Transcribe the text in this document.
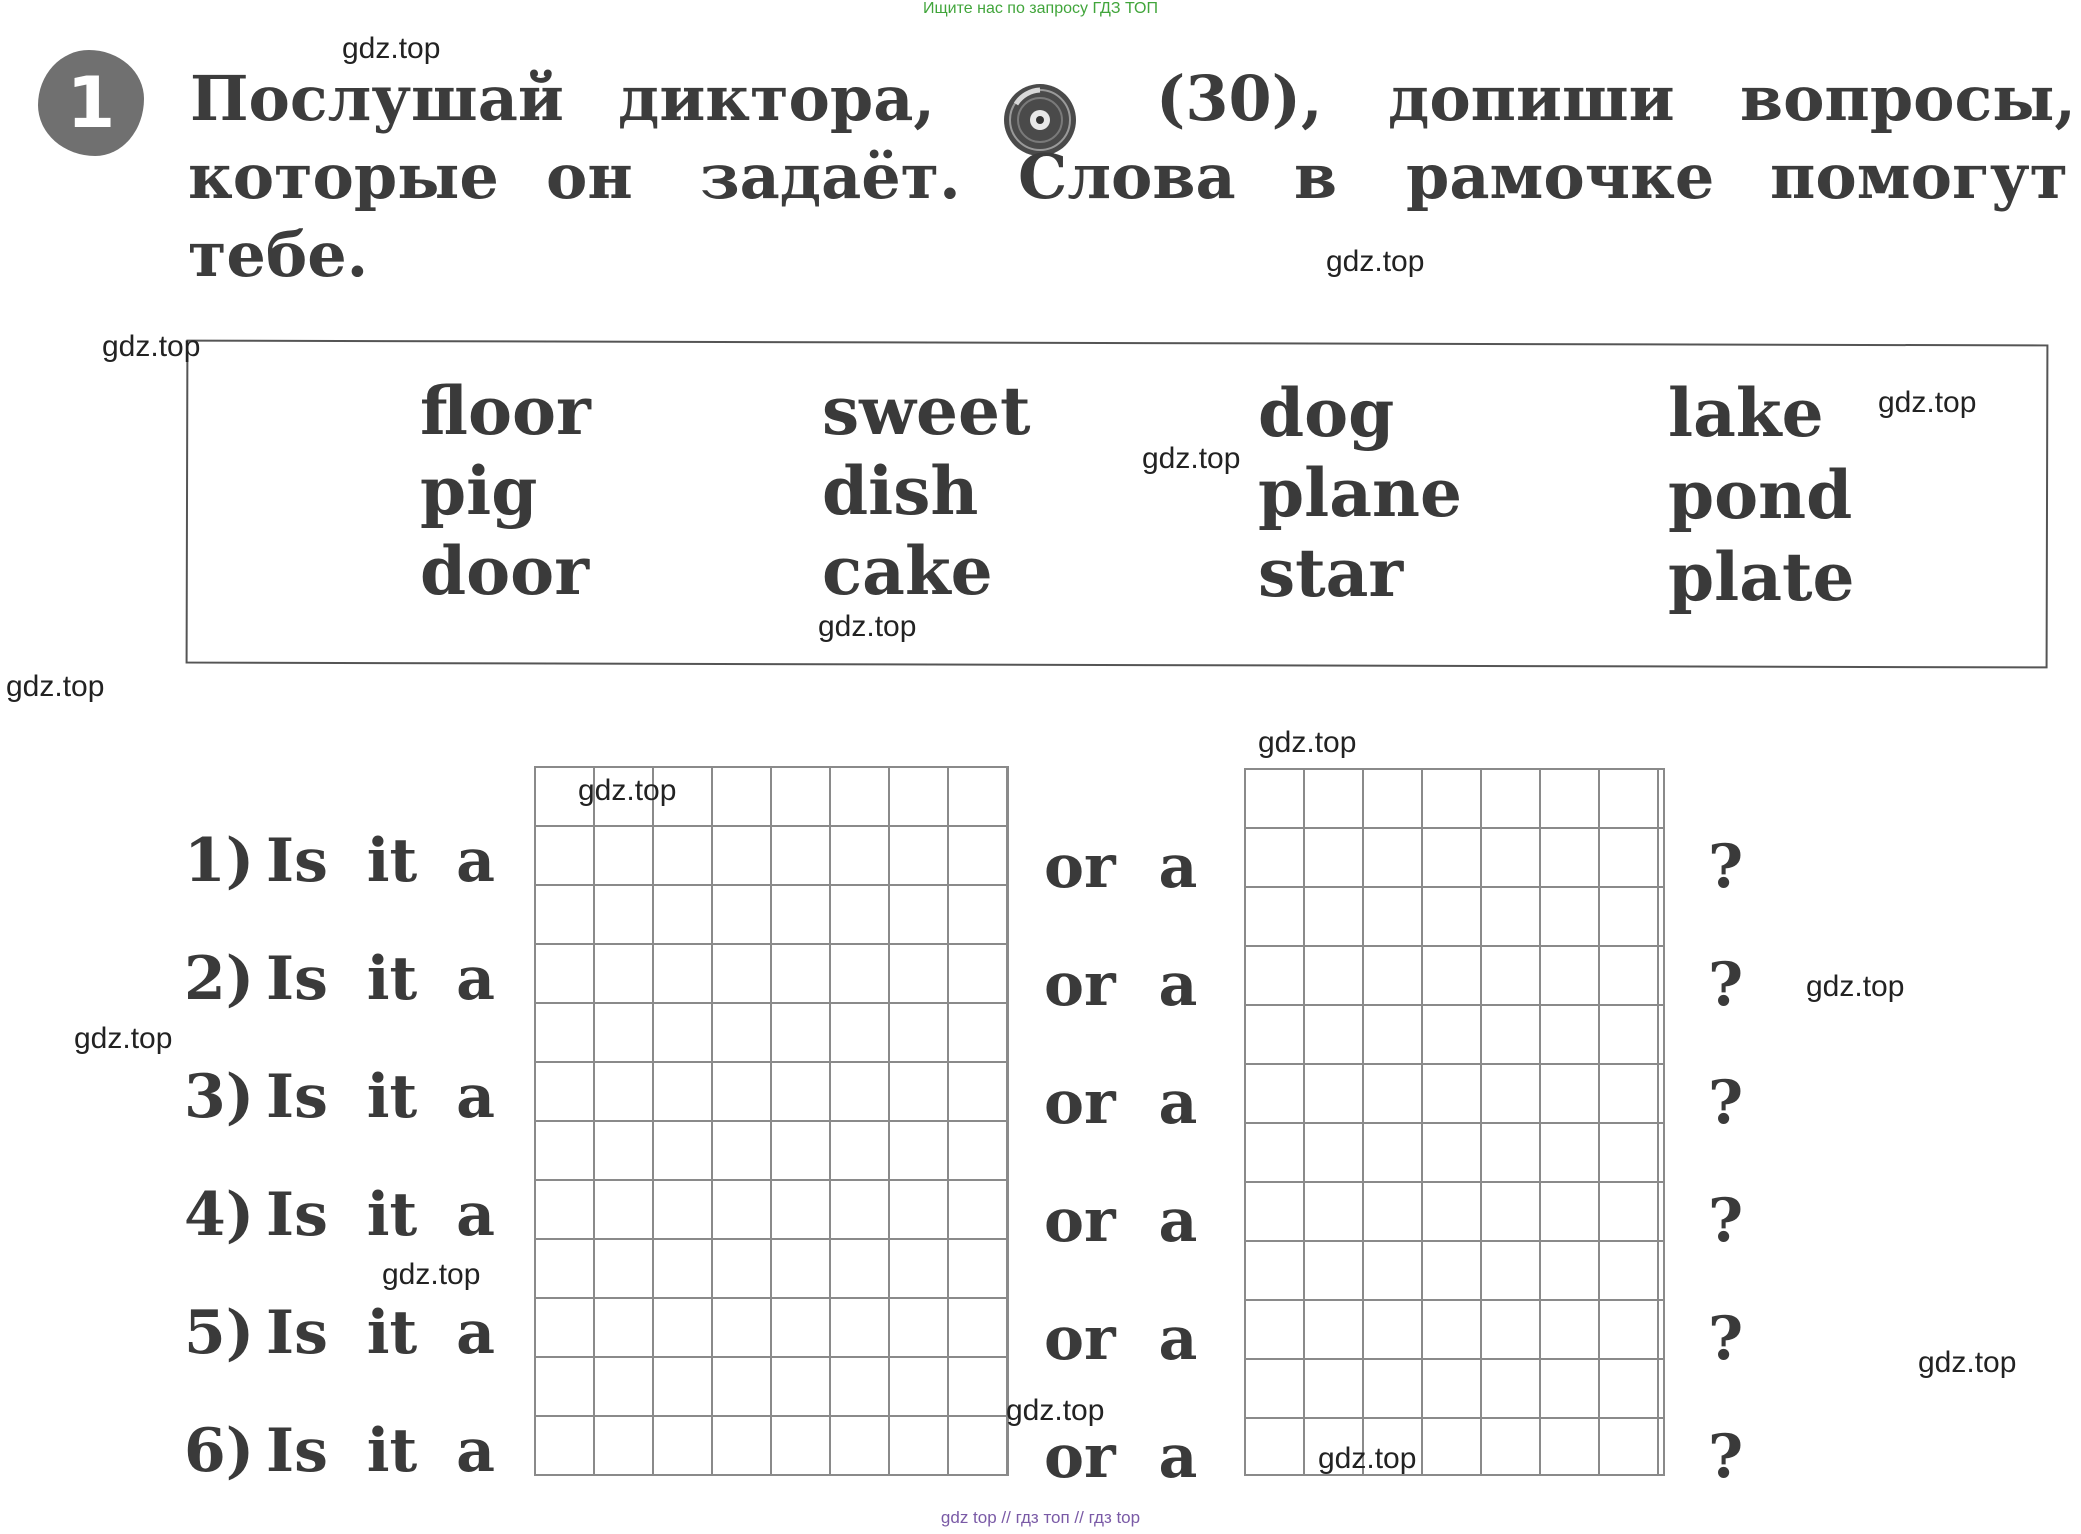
Ищите нас по запросу ГДЗ ТОП
1	Послушай диктора,	(30), допиши вопросы,
которые он задаёт. Слова в рамочке помогут
тебе.
floor
pig
door
sweet
dish
cake
dog
plane
star
lake
pond
plate
1) Is it a	or a	?
2) Is it a	or a	?
3) Is it a	or a	?
4) Is it a	or a	?
5) Is it a	or a	?
6) Is it a	or a	?
gdz.top
gdz.top
gdz.top
gdz.top
gdz.top
gdz.top
gdz.top
gdz.top
gdz.top
gdz.top
gdz.top
gdz.top
gdz.top
gdz.top
gdz.top
gdz top // гдз топ // гдз top
